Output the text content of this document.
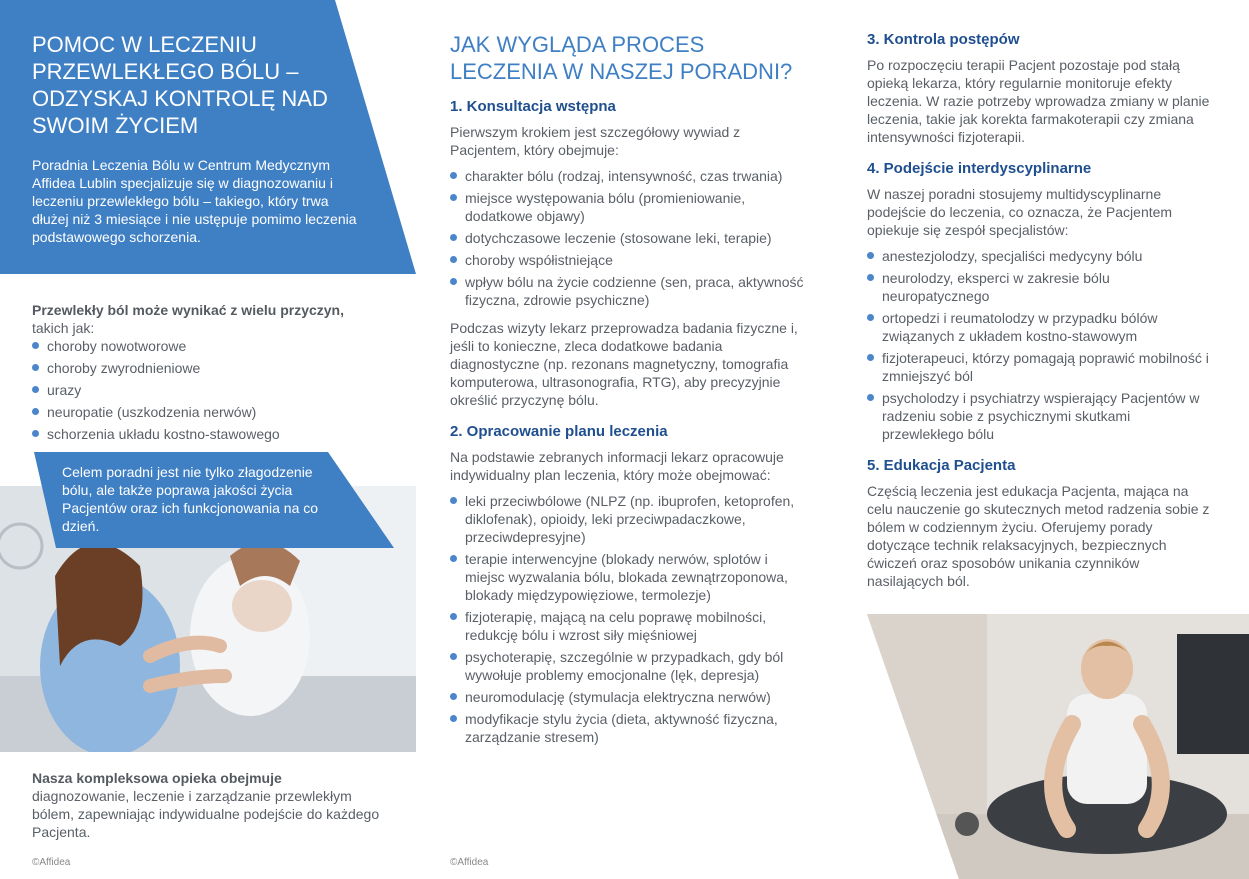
POMOC W LECZENIU PRZEWLEKŁEGO BÓLU – ODZYSKAJ KONTROLĘ NAD SWOIM ŻYCIEM

Poradnia Leczenia Bólu w Centrum Medycznym Affidea Lublin specjalizuje się w diagnozowaniu i leczeniu przewlekłego bólu – takiego, który trwa dłużej niż 3 miesiące i nie ustępuje pomimo leczenia podstawowego schorzenia.

Przewlekły ból może wynikać z wielu przyczyn,
takich jak:

choroby nowotworowe
choroby zwyrodnieniowe
urazy
neuropatie (uszkodzenia nerwów)
schorzenia układu kostno-stawowego

Celem poradni jest nie tylko złagodzenie bólu, ale także poprawa jakości życia Pacjentów oraz ich funkcjonowania na co dzień.

Nasza kompleksowa opieka obejmuje
diagnozowanie, leczenie i zarządzanie przewlekłym bólem, zapewniając indywidualne podejście do każdego Pacjenta.

©Affidea
JAK WYGLĄDA PROCES LECZENIA W NASZEJ PORADNI?
1. Konsultacja wstępna

Pierwszym krokiem jest szczegółowy wywiad z Pacjentem, który obejmuje:

charakter bólu (rodzaj, intensywność, czas trwania)
miejsce występowania bólu (promieniowanie, dodatkowe objawy)
dotychczasowe leczenie (stosowane leki, terapie)
choroby współistniejące
wpływ bólu na życie codzienne (sen, praca, aktywność fizyczna, zdrowie psychiczne)

Podczas wizyty lekarz przeprowadza badania fizyczne i, jeśli to konieczne, zleca dodatkowe badania diagnostyczne (np. rezonans magnetyczny, tomografia komputerowa, ultrasonografia, RTG), aby precyzyjnie określić przyczynę bólu.

2. Opracowanie planu leczenia

Na podstawie zebranych informacji lekarz opracowuje indywidualny plan leczenia, który może obejmować:

leki przeciwbólowe (NLPZ (np. ibuprofen, ketoprofen, diklofenak), opioidy, leki przeciwpadaczkowe, przeciwdepresyjne)
terapie interwencyjne (blokady nerwów, splotów i miejsc wyzwalania bólu, blokada zewnątrzoponowa, blokady międzypowięziowe, termolezje)
fizjoterapię, mającą na celu poprawę mobilności, redukcję bólu i wzrost siły mięśniowej
psychoterapię, szczególnie w przypadkach, gdy ból wywołuje problemy emocjonalne (lęk, depresja)
neuromodulację (stymulacja elektryczna nerwów)
modyfikacje stylu życia (dieta, aktywność fizyczna, zarządzanie stresem)
©Affidea
3. Kontrola postępów

Po rozpoczęciu terapii Pacjent pozostaje pod stałą opieką lekarza, który regularnie monitoruje efekty leczenia. W razie potrzeby wprowadza zmiany w planie leczenia, takie jak korekta farmakoterapii czy zmiana intensywności fizjoterapii.

4. Podejście interdyscyplinarne

W naszej poradni stosujemy multidyscyplinarne podejście do leczenia, co oznacza, że Pacjentem opiekuje się zespół specjalistów:

anestezjolodzy, specjaliści medycyny bólu
neurolodzy, eksperci w zakresie bólu neuropatycznego
ortopedzi i reumatolodzy w przypadku bólów związanych z układem kostno-stawowym
fizjoterapeuci, którzy pomagają poprawić mobilność i zmniejszyć ból
psycholodzy i psychiatrzy wspierający Pacjentów w radzeniu sobie z psychicznymi skutkami przewlekłego bólu
5. Edukacja Pacjenta

Częścią leczenia jest edukacja Pacjenta, mająca na celu nauczenie go skutecznych metod radzenia sobie z bólem w codziennym życiu. Oferujemy porady dotyczące technik relaksacyjnych, bezpiecznych ćwiczeń oraz sposobów unikania czynników nasilających ból.

©Affidea
